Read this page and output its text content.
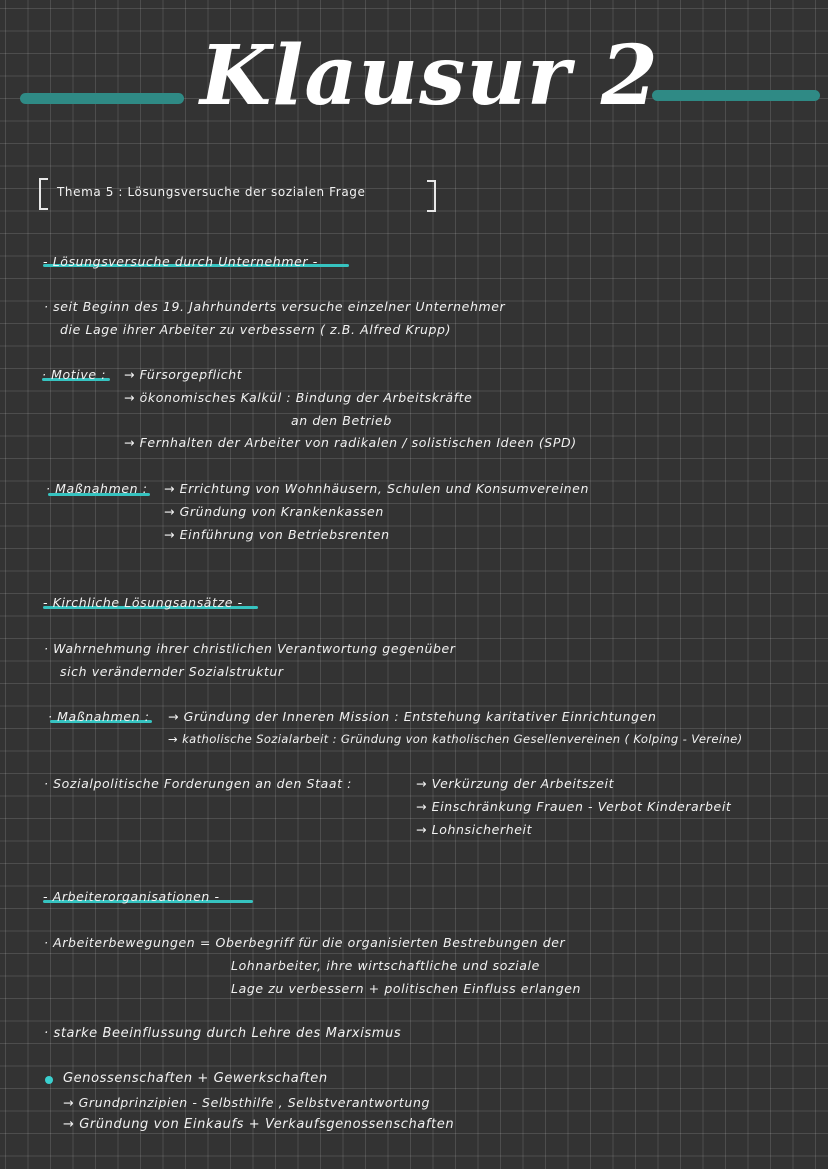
Klausur 2
Thema 5 : Lösungsversuche der sozialen Frage
- Lösungsversuche durch Unternehmer -
· seit Beginn des 19. Jahrhunderts versuche einzelner Unternehmer
die Lage ihrer Arbeiter zu verbessern ( z.B. Alfred Krupp)
· Motive : → Fürsorgepflicht
→ ökonomisches Kalkül : Bindung der Arbeitskräfte
an den Betrieb
→ Fernhalten der Arbeiter von radikalen / solistischen Ideen (SPD)
· Maßnahmen : → Errichtung von Wohnhäusern, Schulen und Konsumvereinen
→ Gründung von Krankenkassen
→ Einführung von Betriebsrenten
- Kirchliche Lösungsansätze -
· Wahrnehmung ihrer christlichen Verantwortung gegenüber
sich verändernder Sozialstruktur
· Maßnahmen : → Gründung der Inneren Mission : Entstehung karitativer Einrichtungen
→ katholische Sozialarbeit : Gründung von katholischen Gesellenvereinen ( Kolping - Vereine)
· Sozialpolitische Forderungen an den Staat :	→ Verkürzung der Arbeitszeit
→ Einschränkung Frauen - Verbot Kinderarbeit
→ Lohnsicherheit
- Arbeiterorganisationen -
· Arbeiterbewegungen = Oberbegriff für die organisierten Bestrebungen der
Lohnarbeiter, ihre wirtschaftliche und soziale
Lage zu verbessern + politischen Einfluss erlangen
· starke Beeinflussung durch Lehre des Marxismus
Genossenschaften + Gewerkschaften
→ Grundprinzipien - Selbsthilfe , Selbstverantwortung
→ Gründung von Einkaufs + Verkaufsgenossenschaften
